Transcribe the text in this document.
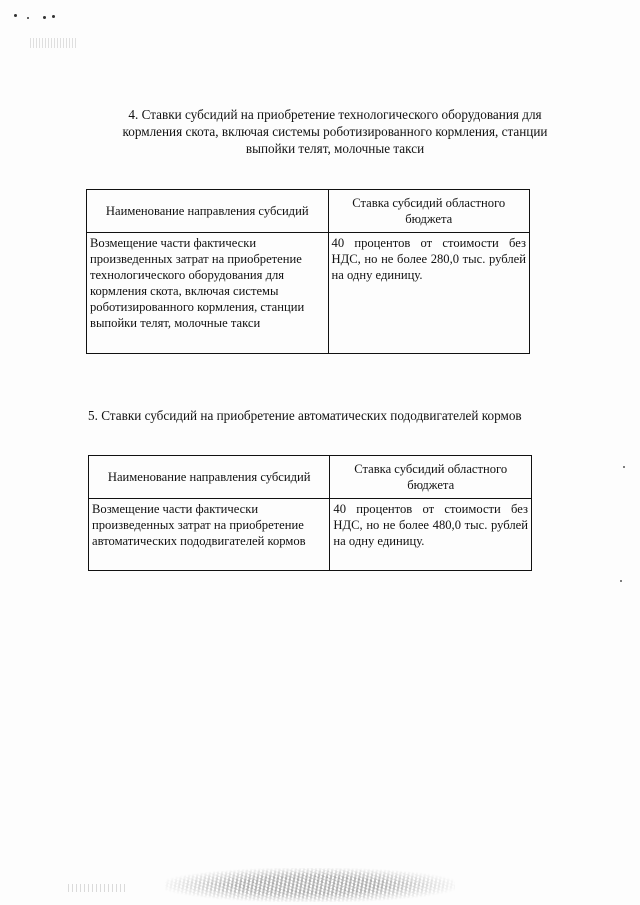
4. Ставки субсидий на приобретение технологического оборудования для
кормления скота, включая системы роботизированного кормления, станции
выпойки телят, молочные такси
Наименование направления субсидий	Ставка субсидий областного бюджета
Возмещение части фактически произведенных затрат на приобретение технологического оборудования для кормления скота, включая системы роботизированного кормления, станции выпойки телят, молочные такси	40 процентов от стоимости без НДС, но не более 280,0 тыс. рублей на одну единицу.
5. Ставки субсидий на приобретение автоматических пододвигателей кормов
Наименование направления субсидий	Ставка субсидий областного бюджета
Возмещение части фактически произведенных затрат на приобретение автоматических пододвигателей кормов	40 процентов от стоимости без НДС, но не более 480,0 тыс. рублей на одну единицу.
